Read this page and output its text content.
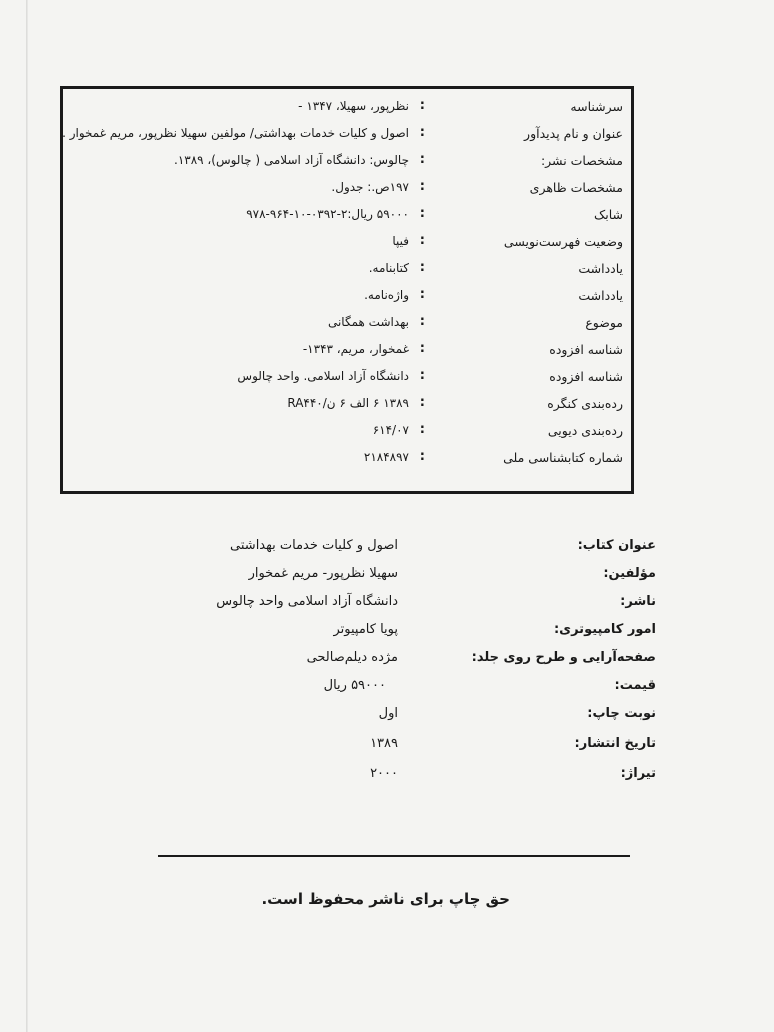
سرشناسه
:
نظرپور، سهیلا، ۱۳۴۷ -
عنوان و نام پدیدآور
:
اصول و کلیات خدمات بهداشتی/ مولفین سهیلا نظرپور، مریم غمخوار .
مشخصات نشر:
:
چالوس: دانشگاه آزاد اسلامی ( چالوس)، ۱۳۸۹.
مشخصات ظاهری
:
۱۹۷ص.: جدول.
شابک
:
۵۹۰۰۰ ریال:۲-۰۳۹۲-۱۰-۹۶۴-۹۷۸
وضعیت فهرست‌نویسی
:
فیپا
یادداشت
:
کتابنامه.
یادداشت
:
واژه‌نامه.
موضوع
:
بهداشت همگانی
شناسه افزوده
:
غمخوار، مریم، ۱۳۴۳-
شناسه افزوده
:
دانشگاه آزاد اسلامی. واحد چالوس
رده‌بندی کنگره
:
۱۳۸۹ ۶ الف ۶ ن/RA۴۴۰
رده‌بندی دیویی
:
۶۱۴/۰۷
شماره کتابشناسی ملی
:
۲۱۸۴۸۹۷
عنوان کتاب:
اصول و کلیات خدمات بهداشتی
مؤلفین:
سهیلا نظرپور- مریم غمخوار
ناشر:
دانشگاه آزاد اسلامی واحد چالوس
امور کامپیوتری:
پویا کامپیوتر
صفحه‌آرایی و طرح روی جلد:
مژده دیلم‌صالحی
قیمت:
۵۹۰۰۰ ریال
نوبت چاپ:
اول
تاریخ انتشار:
۱۳۸۹
تیراژ:
۲۰۰۰
حق چاپ برای ناشر محفوظ است.
